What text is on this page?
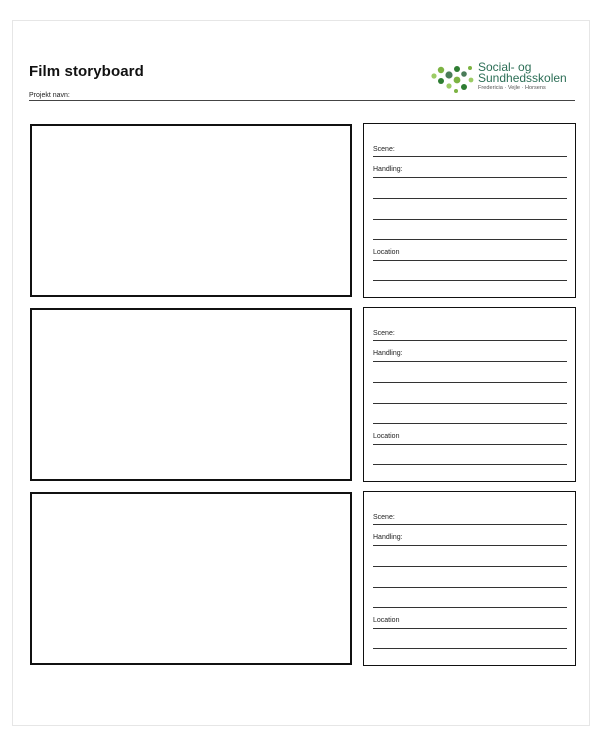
Film storyboard
Projekt navn:
Social- og
Sundhedsskolen
Fredericia · Vejle · Horsens
Scene:
Handling:
Location
Scene:
Handling:
Location
Scene:
Handling:
Location
